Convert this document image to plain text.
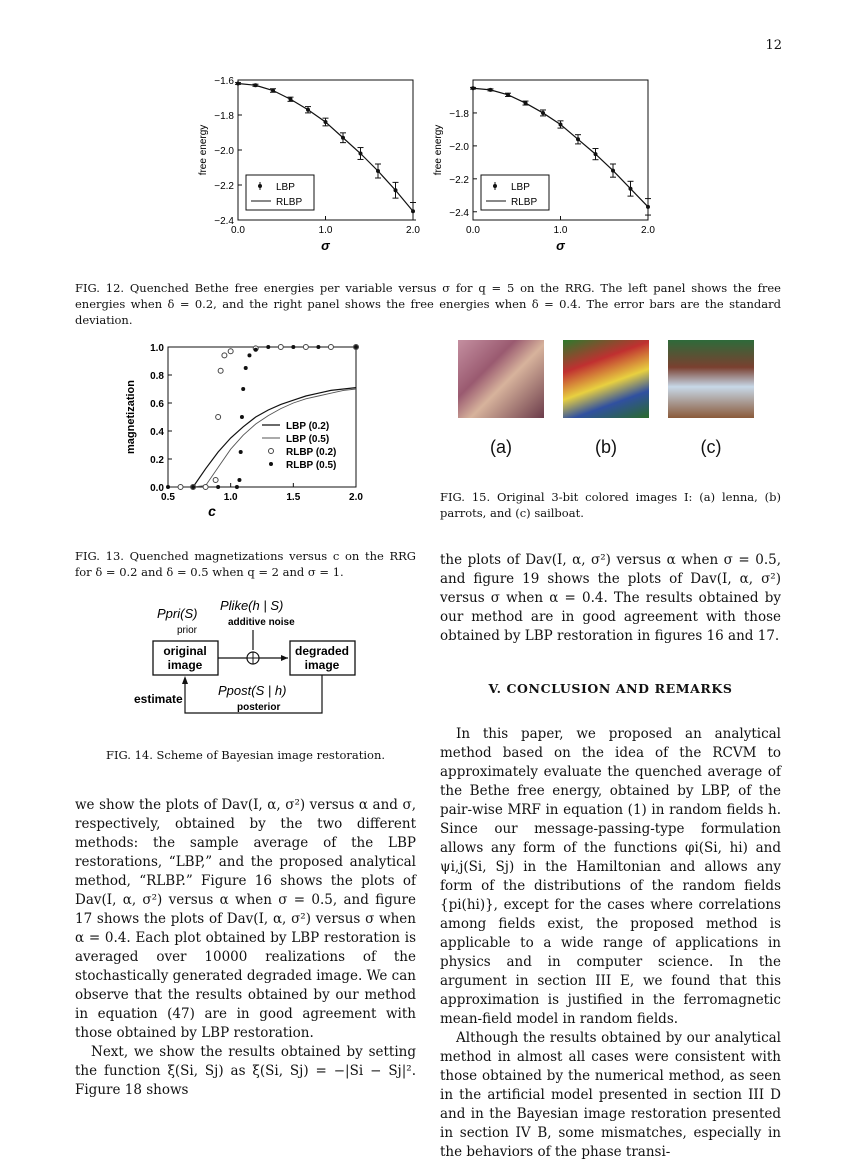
12
−1.6
−1.8
−2.0
−2.2
−2.4
0.0	1.0	2.0
σ
free energy
LBP
RLBP
−1.8
−2.0
−2.2
−2.4
0.0	1.0	2.0
σ
free energy
LBP
RLBP
FIG. 12. Quenched Bethe free energies per variable versus σ for q = 5 on the RRG. The left panel shows the free energies when δ = 0.2, and the right panel shows the free energies when δ = 0.4. The error bars are the standard deviation.
0.0
0.2
0.4
0.6
0.8
1.0
0.5	1.0	1.5	2.0
c
magnetization	LBP (0.2)
LBP (0.5)
RLBP (0.2)
RLBP (0.5)
FIG. 13. Quenched magnetizations versus c on the RRG for δ = 0.2 and δ = 0.5 when q = 2 and σ = 1.
Ppri(S)
prior
Plike(h | S)
additive noise
original
image
degraded
image
estimate
Ppost(S | h)
posterior
FIG. 14. Scheme of Bayesian image restoration.
(a)	(b)	(c)
FIG. 15. Original 3-bit colored images I: (a) lenna, (b) parrots, and (c) sailboat.

we show the plots of Dav(I, α, σ²) versus α and σ, respectively, obtained by the two different methods: the sample average of the LBP restorations, “LBP,” and the proposed analytical method, “RLBP.” Figure 16 shows the plots of Dav(I, α, σ²) versus α when σ = 0.5, and figure 17 shows the plots of Dav(I, α, σ²) versus σ when α = 0.4. Each plot obtained by LBP restoration is averaged over 10000 realizations of the stochastically generated degraded image. We can observe that the results obtained by our method in equation (47) are in good agreement with those obtained by LBP restoration.

Next, we show the results obtained by setting the function ξ(Si, Sj) as ξ(Si, Sj) = −|Si − Sj|². Figure 18 shows

the plots of Dav(I, α, σ²) versus α when σ = 0.5, and figure 19 shows the plots of Dav(I, α, σ²) versus σ when α = 0.4. The results obtained by our method are in good agreement with those obtained by LBP restoration in figures 16 and 17.

V. CONCLUSION AND REMARKS

In this paper, we proposed an analytical method based on the idea of the RCVM to approximately evaluate the quenched average of the Bethe free energy, obtained by LBP, of the pair-wise MRF in equation (1) in random fields h. Since our message-passing-type formulation allows any form of the functions φi(Si, hi) and ψi,j(Si, Sj) in the Hamiltonian and allows any form of the distributions of the random fields {pi(hi)}, except for the cases where correlations among fields exist, the proposed method is applicable to a wide range of applications in physics and in computer science. In the argument in section III E, we found that this approximation is justified in the ferromagnetic mean-field model in random fields.

Although the results obtained by our analytical method in almost all cases were consistent with those obtained by the numerical method, as seen in the artificial model presented in section III D and in the Bayesian image restoration presented in section IV B, some mismatches, especially in the behaviors of the phase transi-
